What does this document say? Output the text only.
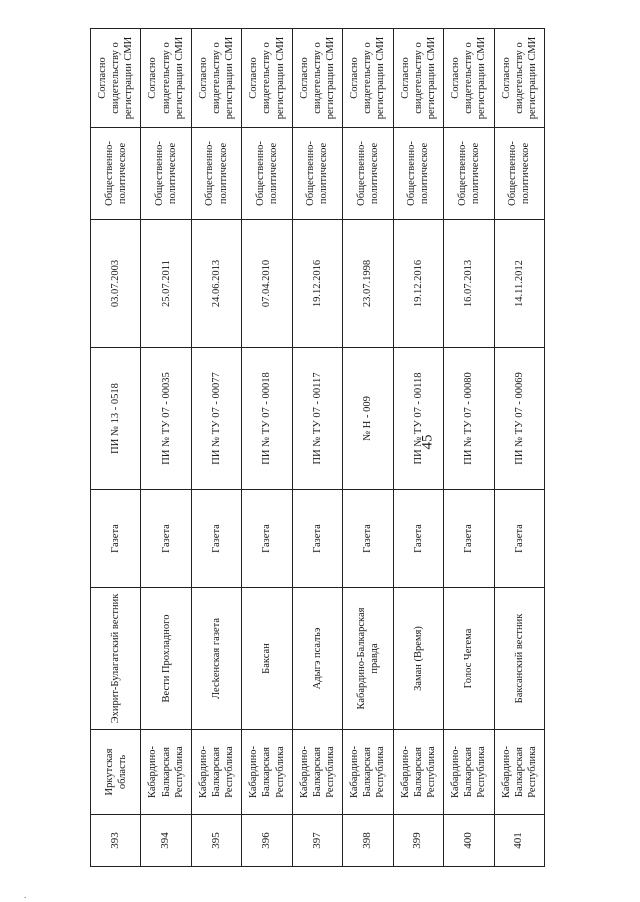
45
393	Иркутская область	Эхирит-Булагатский вестник	Газета	ПИ № 13 - 0518	03.07.2003	Общественно-политическое	Согласно свидетельству о регистрации СМИ
394	Кабардино-Балкарская Республика	Вести Прохладного	Газета	ПИ № ТУ 07 - 00035	25.07.2011	Общественно-политическое	Согласно свидетельству о регистрации СМИ
395	Кабардино-Балкарская Республика	Лесkенская газета	Газета	ПИ № ТУ 07 - 00077	24.06.2013	Общественно-политическое	Согласно свидетельству о регистрации СМИ
396	Кабардино-Балкарская Республика	Баксан	Газета	ПИ № ТУ 07 - 00018	07.04.2010	Общественно-политическое	Согласно свидетельству о регистрации СМИ
397	Кабардино-Балкарская Республика	Адыгэ псалъэ	Газета	ПИ № ТУ 07 - 00117	19.12.2016	Общественно-политическое	Согласно свидетельству о регистрации СМИ
398	Кабардино-Балкарская Республика	Кабардино-Балкарская правда	Газета	№ Н - 009	23.07.1998	Общественно-политическое	Согласно свидетельству о регистрации СМИ
399	Кабардино-Балкарская Республика	Заман (Время)	Газета	ПИ № ТУ 07 - 00118	19.12.2016	Общественно-политическое	Согласно свидетельству о регистрации СМИ
400	Кабардино-Балкарская Республика	Голос Чегема	Газета	ПИ № ТУ 07 - 00080	16.07.2013	Общественно-политическое	Согласно свидетельству о регистрации СМИ
401	Кабардино-Балкарская Республика	Баксанский вестник	Газета	ПИ № ТУ 07 - 00069	14.11.2012	Общественно-политическое	Согласно свидетельству о регистрации СМИ
.
